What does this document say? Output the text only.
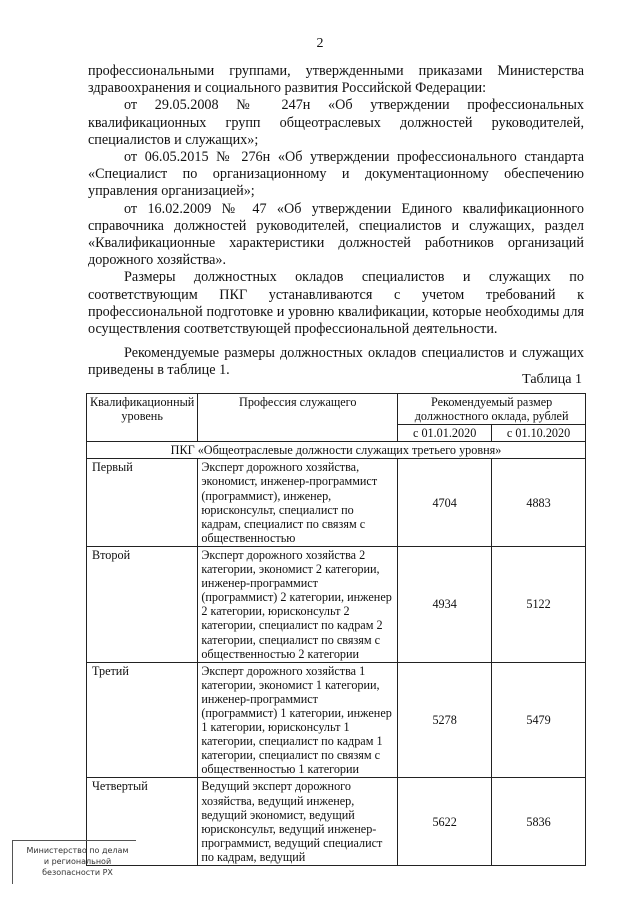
2

профессиональными группами, утвержденными приказами Министерства здравоохранения и социального развития Российской Федерации:

от 29.05.2008 № 247н «Об утверждении профессиональных квалификационных групп общеотраслевых должностей руководителей, специалистов и служащих»;

от 06.05.2015 № 276н «Об утверждении профессионального стандарта «Специалист по организационному и документационному обеспечению управления организацией»;

от 16.02.2009 № 47 «Об утверждении Единого квалификационного справочника должностей руководителей, специалистов и служащих, раздел «Квалификационные характеристики должностей работников организаций дорожного хозяйства».

Размеры должностных окладов специалистов и служащих по соответствующим ПКГ устанавливаются с учетом требований к профессиональной подготовке и уровню квалификации, которые необходимы для осуществления соответствующей профессиональной деятельности.

Рекомендуемые размеры должностных окладов специалистов и служащих приведены в таблице 1.

Таблица 1
Квалификационный уровень	Профессия служащего	Рекомендуемый размер должностного оклада, рублей	
		с 01.01.2020	с 01.10.2020
ПКГ «Общеотраслевые должности служащих третьего уровня»			
Первый	Эксперт дорожного хозяйства, экономист, инженер-программист (программист), инженер, юрисконсульт, специалист по кадрам, специалист по связям с общественностью	4704	4883
Второй	Эксперт дорожного хозяйства 2 категории, экономист 2 категории, инженер-программист (программист) 2 категории, инженер 2 категории, юрисконсульт 2 категории, специалист по кадрам 2 категории, специалист по связям с общественностью 2 категории	4934	5122
Третий	Эксперт дорожного хозяйства 1 категории, экономист 1 категории, инженер-программист (программист) 1 категории, инженер 1 категории, юрисконсульт 1 категории, специалист по кадрам 1 категории, специалист по связям с общественностью 1 категории	5278	5479
Четвертый	Ведущий эксперт дорожного хозяйства, ведущий инженер, ведущий экономист, ведущий юрисконсульт, ведущий инженер-программист, ведущий специалист по кадрам, ведущий	5622	5836
Министерство по делам
и региональной
безопасности РХ
